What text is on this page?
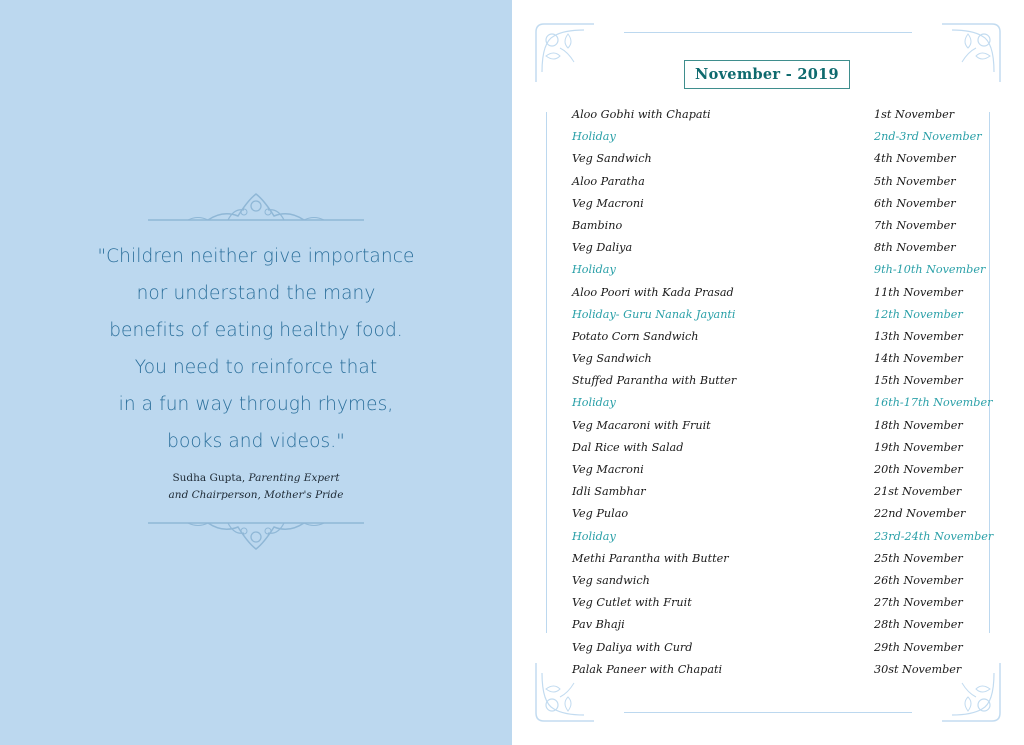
"Children neither give importance
nor understand the many
benefits of eating healthy food.
You need to reinforce that
in a fun way through rhymes,
books and videos."
Sudha Gupta, Parenting Expert
and Chairperson, Mother's Pride
November - 2019
Aloo Gobhi with Chapati	1st November
Holiday	2nd-3rd November
Veg Sandwich	4th November
Aloo Paratha	5th November
Veg Macroni	6th November
Bambino	7th November
Veg Daliya	8th November
Holiday	9th-10th November
Aloo Poori with Kada Prasad	11th November
Holiday- Guru Nanak Jayanti	12th November
Potato Corn Sandwich	13th November
Veg Sandwich	14th November
Stuffed Parantha with Butter	15th November
Holiday	16th-17th November
Veg Macaroni with Fruit	18th November
Dal Rice with Salad	19th November
Veg Macroni	20th November
Idli Sambhar	21st November
Veg Pulao	22nd November
Holiday	23rd-24th November
Methi Parantha with Butter	25th November
Veg sandwich	26th November
Veg Cutlet with Fruit	27th November
Pav Bhaji	28th November
Veg Daliya with Curd	29th November
Palak Paneer with Chapati	30st November
